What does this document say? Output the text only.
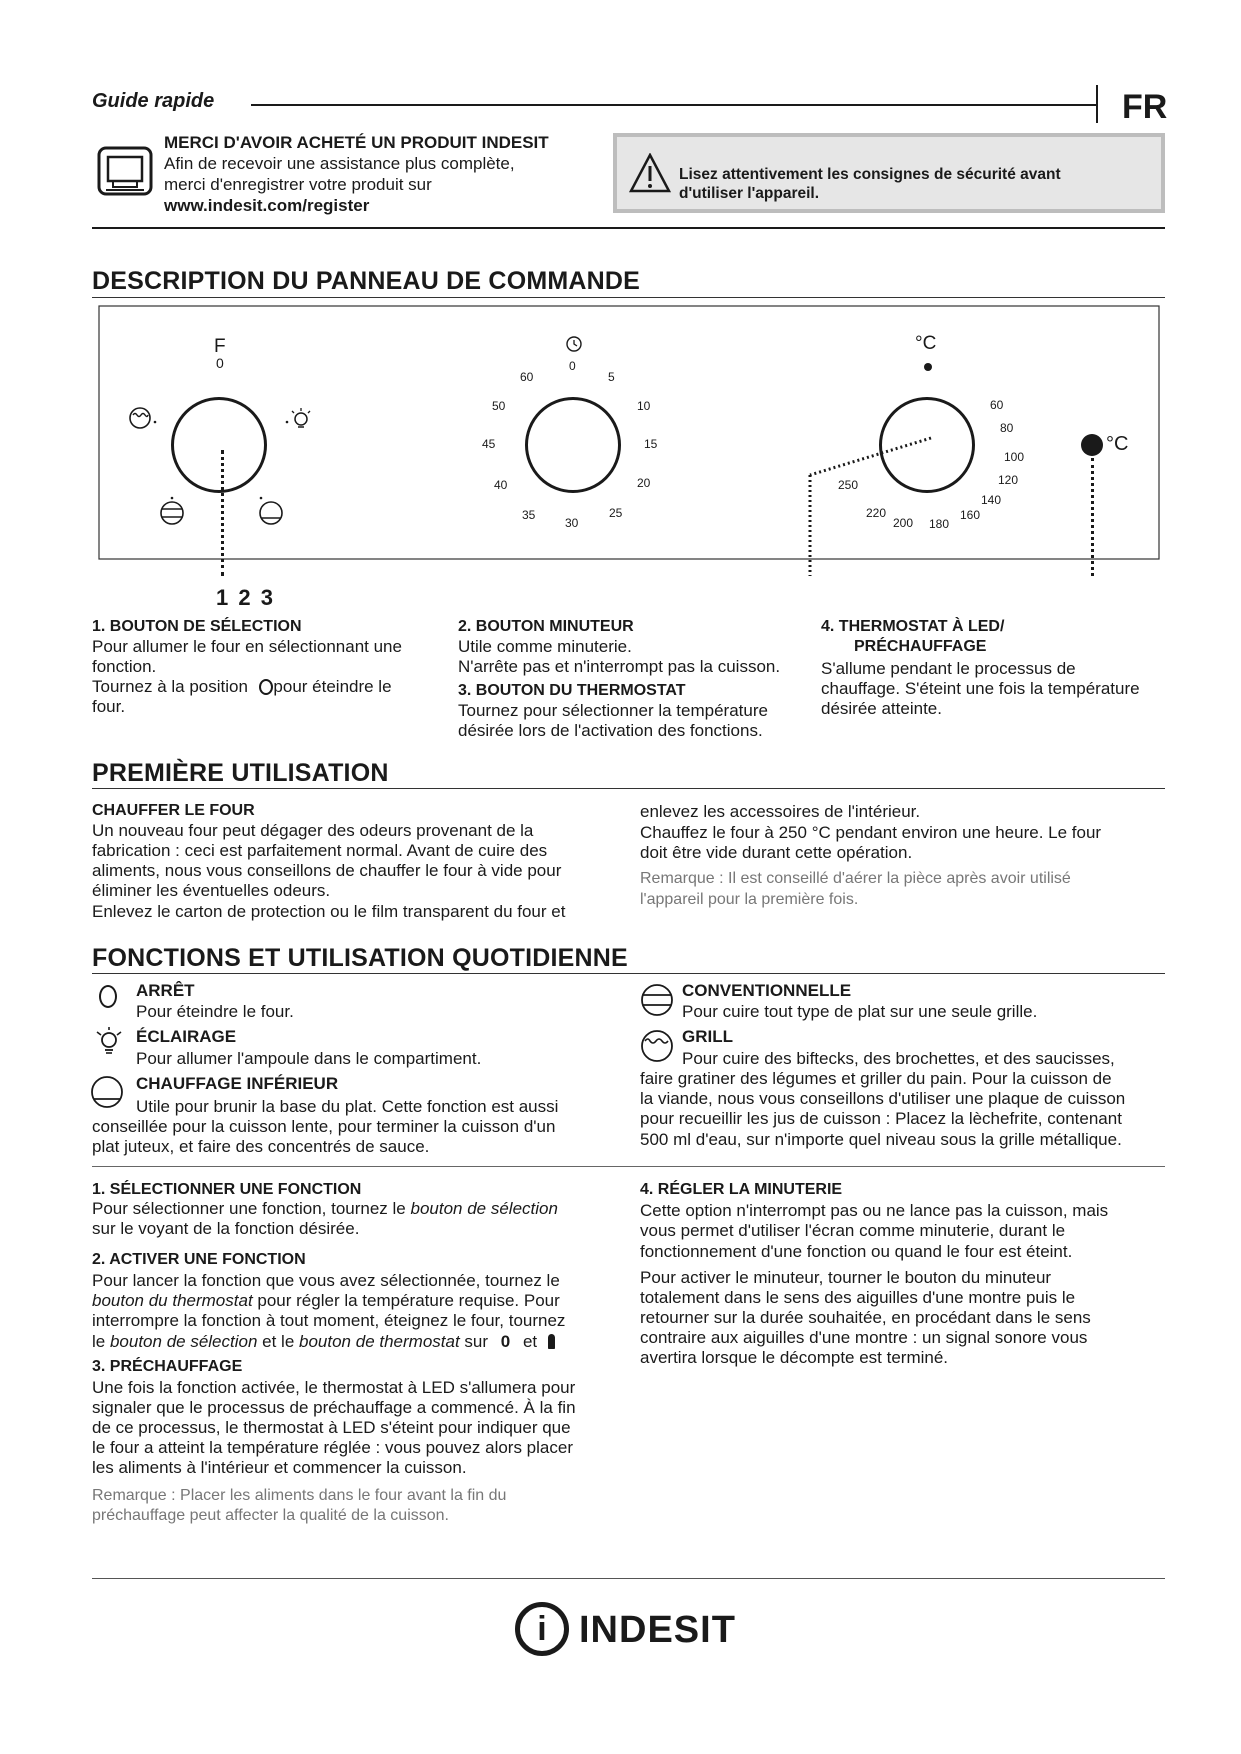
Guide rapide	FR
MERCI D'AVOIR ACHETÉ UN PRODUIT INDESIT
Afin de recevoir une assistance plus complète,
merci d'enregistrer votre produit sur
www.indesit.com/register
Lisez attentivement les consignes de sécurité avant
d'utiliser l'appareil.
DESCRIPTION DU PANNEAU DE COMMANDE
F
0
1 2 3
60
0
5
50	10
45	15
40	20
35
30
25
°C
60
80
100
120
140
160
180
200
220
250
°C
1. BOUTON DE SÉLECTION
Pour allumer le four en sélectionnant une
fonction.
Tournez à la position pour éteindre le
four.
2. BOUTON MINUTEUR
Utile comme minuterie.
N'arrête pas et n'interrompt pas la cuisson.
3. BOUTON DU THERMOSTAT
Tournez pour sélectionner la température
désirée lors de l'activation des fonctions.
4. THERMOSTAT À LED/
PRÉCHAUFFAGE
S'allume pendant le processus de
chauffage. S'éteint une fois la température
désirée atteinte.
PREMIÈRE UTILISATION
CHAUFFER LE FOUR
Un nouveau four peut dégager des odeurs provenant de la
fabrication : ceci est parfaitement normal. Avant de cuire des
aliments, nous vous conseillons de chauffer le four à vide pour
éliminer les éventuelles odeurs.
Enlevez le carton de protection ou le film transparent du four et
enlevez les accessoires de l'intérieur.
Chauffez le four à 250 °C pendant environ une heure. Le four
doit être vide durant cette opération.
Remarque : Il est conseillé d'aérer la pièce après avoir utilisé
l'appareil pour la première fois.
FONCTIONS ET UTILISATION QUOTIDIENNE
ARRÊT
Pour éteindre le four.
ÉCLAIRAGE
Pour allumer l'ampoule dans le compartiment.
CHAUFFAGE INFÉRIEUR
Utile pour brunir la base du plat. Cette fonction est aussi
conseillée pour la cuisson lente, pour terminer la cuisson d'un
plat juteux, et faire des concentrés de sauce.
CONVENTIONNELLE
Pour cuire tout type de plat sur une seule grille.
GRILL
Pour cuire des biftecks, des brochettes, et des saucisses,
faire gratiner des légumes et griller du pain. Pour la cuisson de
la viande, nous vous conseillons d'utiliser une plaque de cuisson
pour recueillir les jus de cuisson : Placez la lèchefrite, contenant
500 ml d'eau, sur n'importe quel niveau sous la grille métallique.
1. SÉLECTIONNER UNE FONCTION
Pour sélectionner une fonction, tournez le bouton de sélection
sur le voyant de la fonction désirée.
2. ACTIVER UNE FONCTION
Pour lancer la fonction que vous avez sélectionnée, tournez le
bouton du thermostat pour régler la température requise. Pour
interrompre la fonction à tout moment, éteignez le four, tournez
le bouton de sélection et le bouton de thermostat sur 0 et
3. PRÉCHAUFFAGE
Une fois la fonction activée, le thermostat à LED s'allumera pour
signaler que le processus de préchauffage a commencé. À la fin
de ce processus, le thermostat à LED s'éteint pour indiquer que
le four a atteint la température réglée : vous pouvez alors placer
les aliments à l'intérieur et commencer la cuisson.
Remarque : Placer les aliments dans le four avant la fin du
préchauffage peut affecter la qualité de la cuisson.
4. RÉGLER LA MINUTERIE
Cette option n'interrompt pas ou ne lance pas la cuisson, mais
vous permet d'utiliser l'écran comme minuterie, durant le
fonctionnement d'une fonction ou quand le four est éteint.
Pour activer le minuteur, tourner le bouton du minuteur
totalement dans le sens des aiguilles d'une montre puis le
retourner sur la durée souhaitée, en procédant dans le sens
contraire aux aiguilles d'une montre : un signal sonore vous
avertira lorsque le décompte est terminé.
i INDESIT
